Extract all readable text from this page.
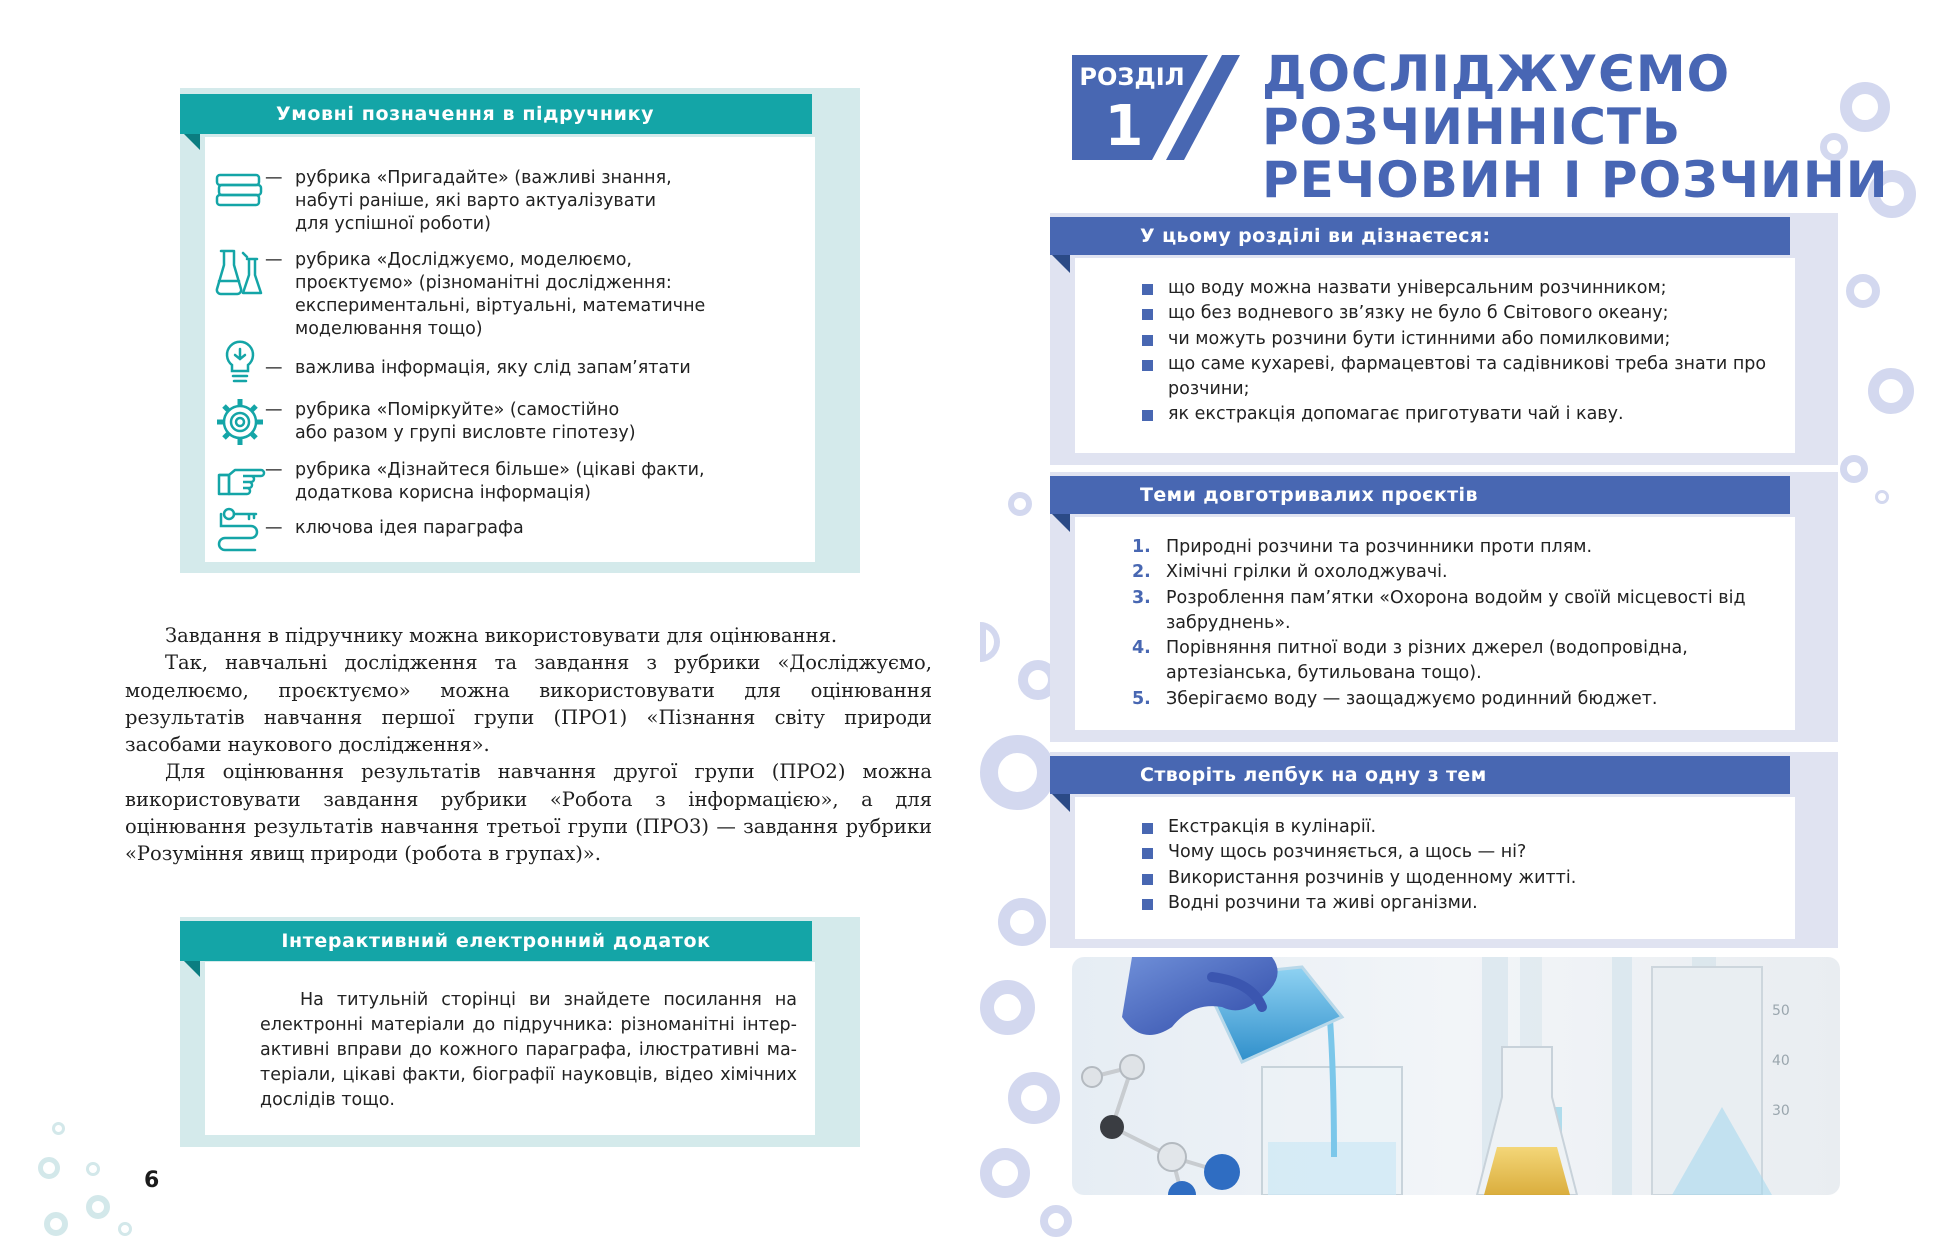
Умовні позначення в підручнику
— рубрика «Пригадайте» (важливі знання,
набуті раніше, які варто актуалізувати
для успішної роботи)
— рубрика «Досліджуємо, моделюємо,
проєктуємо» (різноманітні дослідження:
експериментальні, віртуальні, математичне
моделювання тощо)
— важлива інформація, яку слід запам’ятати
— рубрика «Поміркуйте» (самостійно
або разом у групі висловте гіпотезу)
— рубрика «Дізнайтеся більше» (цікаві факти,
додаткова корисна інформація)
— ключова ідея параграфа

Завдання в підручнику можна використовувати для оцінювання.

Так, навчальні дослідження та завдання з рубрики «Досліджуємо, моделюємо, проєктуємо» можна використовувати для оцінювання результатів навчання першої групи (ПРО1) «Пізнання світу природи засобами наукового дослідження».

Для оцінювання результатів навчання другої групи (ПРО2) можна використовувати завдання рубрики «Робота з інформацією», а для оцінювання результатів навчання третьої групи (ПРО3) — завдання рубрики «Розуміння явищ природи (робота в групах)».

Інтерактивний електронний додаток

На титульній сторінці ви знайдете посилання на електронні матеріали до підручника: різноманітні інтерактивні вправи до кожного параграфа, ілюстративні матеріали, цікаві факти, біографії науковців, відео хімічних дослідів тощо.

6
РОЗДІЛ
1
ДОСЛІДЖУЄМО
РОЗЧИННІСТЬ
РЕЧОВИН І РОЗЧИНИ
У цьому розділі ви дізнаєтеся:
що воду можна назвати універсальним розчинником;
що без водневого зв’язку не було б Світового океану;
чи можуть розчини бути істинними або помилковими;
що саме кухареві, фармацевтові та садівникові треба знати про розчини;
як екстракція допомагає приготувати чай і каву.
Теми довготривалих проєктів
1. Природні розчини та розчинники проти плям.
2. Хімічні грілки й охолоджувачі.
3. Розроблення пам’ятки «Охорона водойм у своїй місцевості від забруднень».
4. Порівняння питної води з різних джерел (водопровідна, артезіанська, бутильована тощо).
5. Зберігаємо воду — заощаджуємо родинний бюджет.
Створіть лепбук на одну з тем
Екстракція в кулінарії.
Чому щось розчиняється, а щось — ні?
Використання розчинів у щоденному житті.
Водні розчини та живі організми.
50
40
30
